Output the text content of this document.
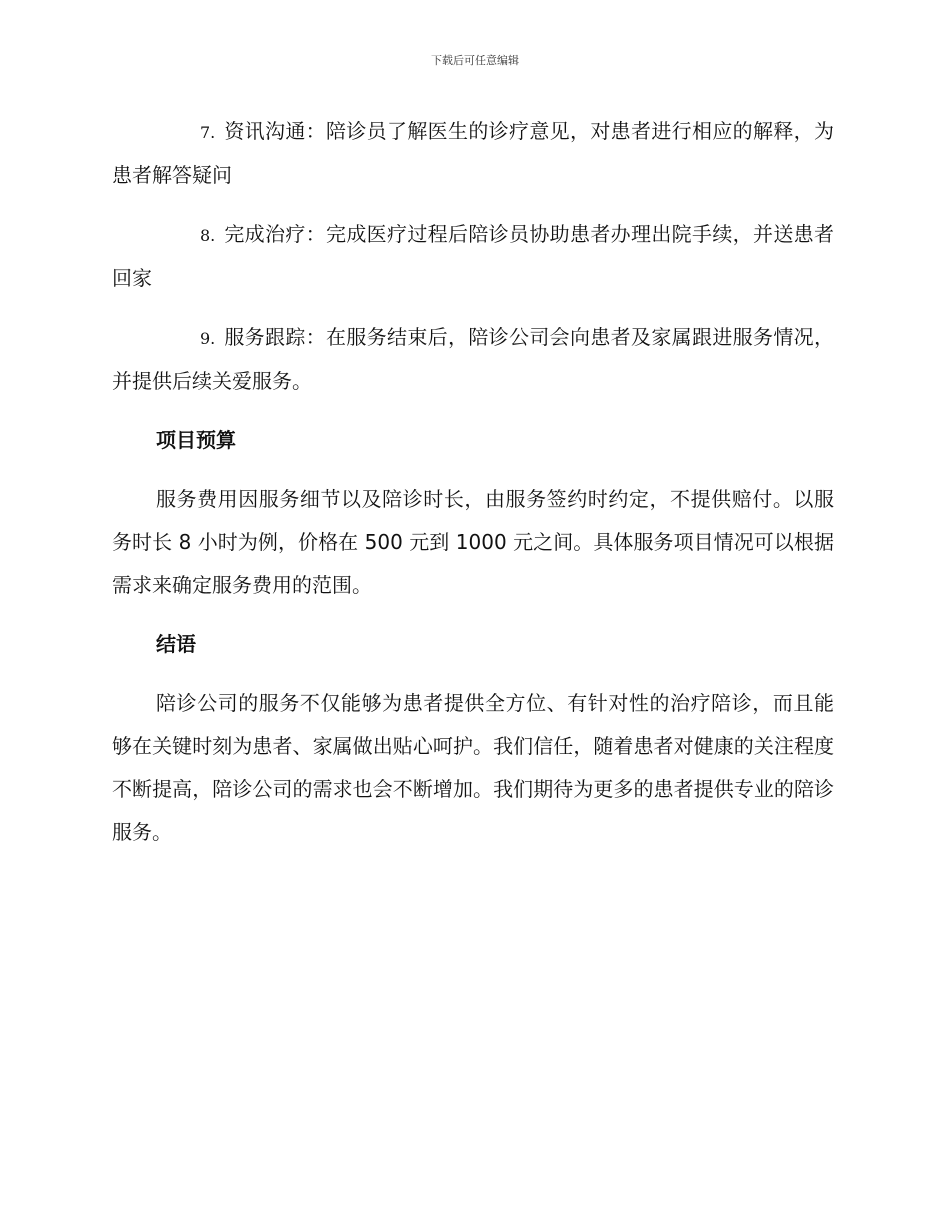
下载后可任意编辑

7. 资讯沟通：陪诊员了解医生的诊疗意见，对患者进行相应的解释，为患者解答疑问

8. 完成治疗：完成医疗过程后陪诊员协助患者办理出院手续，并送患者回家

9. 服务跟踪：在服务结束后，陪诊公司会向患者及家属跟进服务情况，并提供后续关爱服务。

项目预算

服务费用因服务细节以及陪诊时长，由服务签约时约定，不提供赔付。以服务时长 8 小时为例，价格在 500 元到 1000 元之间。具体服务项目情况可以根据需求来确定服务费用的范围。

结语

陪诊公司的服务不仅能够为患者提供全方位、有针对性的治疗陪诊，而且能够在关键时刻为患者、家属做出贴心呵护。我们信任，随着患者对健康的关注程度不断提高，陪诊公司的需求也会不断增加。我们期待为更多的患者提供专业的陪诊服务。
